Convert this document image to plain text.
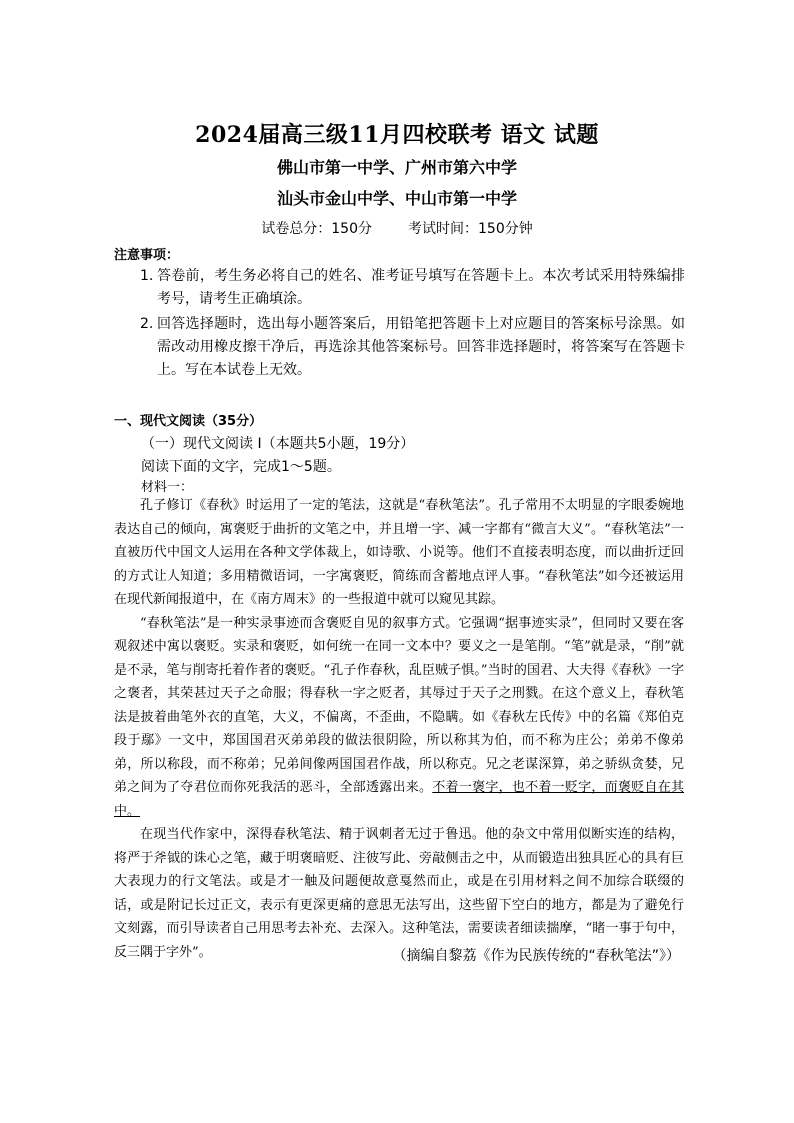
2024届高三级11月四校联考 语文 试题
佛山市第一中学、广州市第六中学
汕头市金山中学、中山市第一中学
试卷总分：150分	考试时间：150分钟
注意事项：
1. 答卷前，考生务必将自己的姓名、准考证号填写在答题卡上。本次考试采用特殊编排考号，请考生正确填涂。
2. 回答选择题时，选出每小题答案后，用铅笔把答题卡上对应题目的答案标号涂黑。如需改动用橡皮擦干净后，再选涂其他答案标号。回答非选择题时，将答案写在答题卡上。写在本试卷上无效。
一、现代文阅读（35分）
（一）现代文阅读 I（本题共5小题，19分）
阅读下面的文字，完成1～5题。
材料一：

孔子修订《春秋》时运用了一定的笔法，这就是“春秋笔法”。孔子常用不太明显的字眼委婉地表达自己的倾向，寓褒贬于曲折的文笔之中，并且增一字、减一字都有“微言大义”。“春秋笔法”一直被历代中国文人运用在各种文学体裁上，如诗歌、小说等。他们不直接表明态度，而以曲折迂回的方式让人知道；多用精微语词，一字寓褒贬，简练而含蓄地点评人事。“春秋笔法”如今还被运用在现代新闻报道中，在《南方周末》的一些报道中就可以窥见其踪。

“春秋笔法”是一种实录事迹而含褒贬自见的叙事方式。它强调“据事迹实录”，但同时又要在客观叙述中寓以褒贬。实录和褒贬，如何统一在同一文本中？要义之一是笔削。“笔”就是录，“削”就是不录，笔与削寄托着作者的褒贬。“孔子作春秋，乱臣贼子惧。”当时的国君、大夫得《春秋》一字之褒者，其荣甚过天子之命服；得春秋一字之贬者，其辱过于天子之刑戮。在这个意义上，春秋笔法是披着曲笔外衣的直笔，大义，不偏离，不歪曲，不隐瞒。如《春秋左氏传》中的名篇《郑伯克段于鄢》一文中，郑国国君灭弟弟段的做法很阴险，所以称其为伯，而不称为庄公；弟弟不像弟弟，所以称段，而不称弟；兄弟间像两国国君作战，所以称克。兄之老谋深算，弟之骄纵贪婪，兄弟之间为了夺君位而你死我活的恶斗，全部透露出来。不着一褒字，也不着一贬字，而褒贬自在其中。

在现当代作家中，深得春秋笔法、精于讽刺者无过于鲁迅。他的杂文中常用似断实连的结构，将严于斧钺的诛心之笔，藏于明褒暗贬、注彼写此、旁敲侧击之中，从而锻造出独具匠心的具有巨大表现力的行文笔法。或是才一触及问题便故意戛然而止，或是在引用材料之间不加综合联缀的话，或是附记长过正文，表示有更深更痛的意思无法写出，这些留下空白的地方，都是为了避免行文刻露，而引导读者自己用思考去补充、去深入。这种笔法，需要读者细读揣摩，“睹一事于句中，反三隅于字外”。	（摘编自黎荔《作为民族传统的“春秋笔法”》）
